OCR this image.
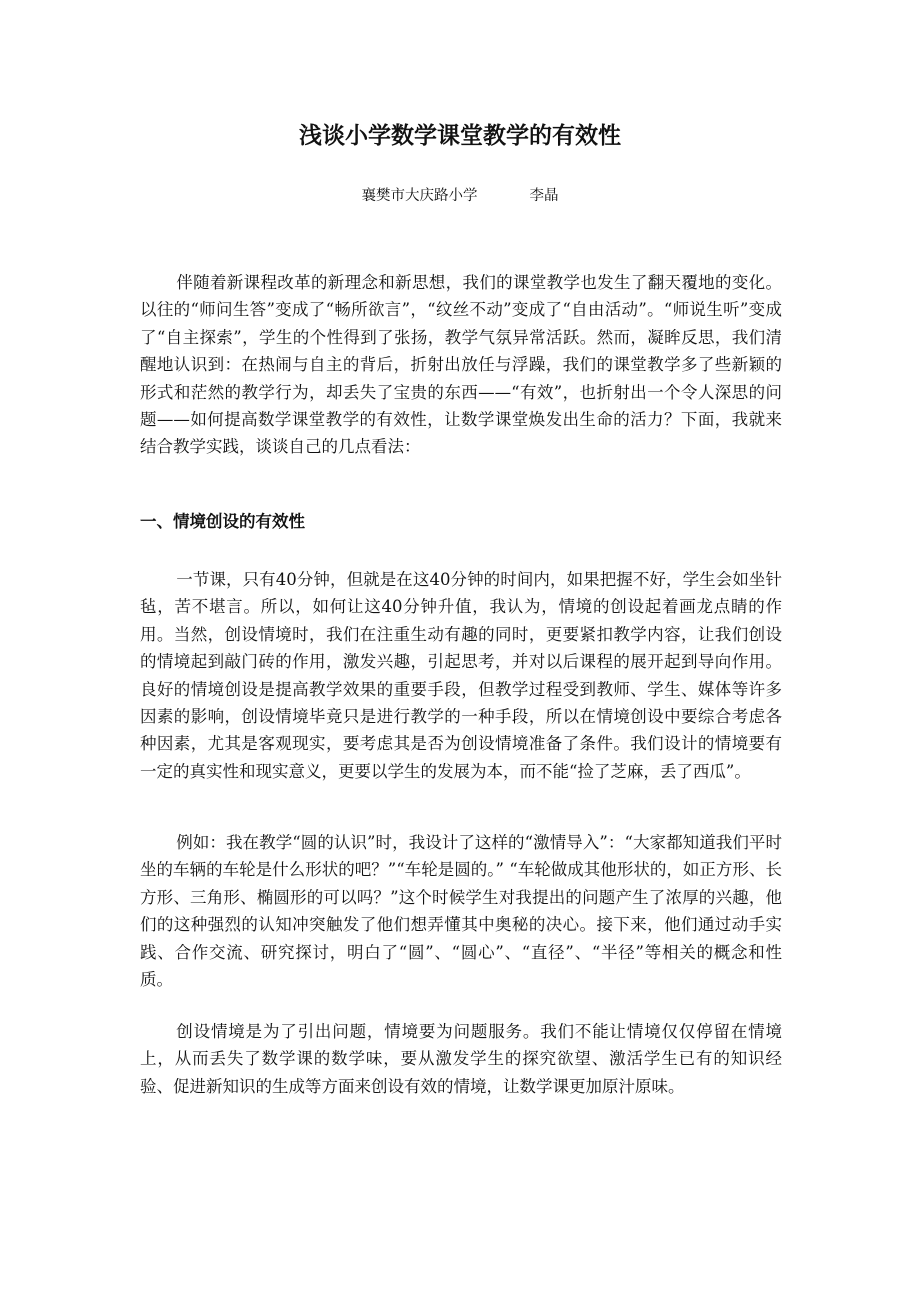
浅谈小学数学课堂教学的有效性
襄樊市大庆路小学	李晶

伴随着新课程改革的新理念和新思想，我们的课堂教学也发生了翻天覆地的变化。以往的“师问生答”变成了“畅所欲言”，“纹丝不动”变成了“自由活动”。“师说生听”变成了“自主探索”，学生的个性得到了张扬，教学气氛异常活跃。然而，凝眸反思，我们清醒地认识到：在热闹与自主的背后，折射出放任与浮躁，我们的课堂教学多了些新颖的形式和茫然的教学行为，却丢失了宝贵的东西——“有效”，也折射出一个令人深思的问题——如何提高数学课堂教学的有效性，让数学课堂焕发出生命的活力？下面，我就来结合教学实践，谈谈自己的几点看法：

一、情境创设的有效性

一节课，只有40分钟，但就是在这40分钟的时间内，如果把握不好，学生会如坐针毡，苦不堪言。所以，如何让这40分钟升值，我认为，情境的创设起着画龙点睛的作用。当然，创设情境时，我们在注重生动有趣的同时，更要紧扣教学内容，让我们创设的情境起到敲门砖的作用，激发兴趣，引起思考，并对以后课程的展开起到导向作用。良好的情境创设是提高教学效果的重要手段，但教学过程受到教师、学生、媒体等许多因素的影响，创设情境毕竟只是进行教学的一种手段，所以在情境创设中要综合考虑各种因素，尤其是客观现实，要考虑其是否为创设情境准备了条件。我们设计的情境要有一定的真实性和现实意义，更要以学生的发展为本，而不能“捡了芝麻，丢了西瓜”。

例如：我在教学“圆的认识”时，我设计了这样的“激情导入”：“大家都知道我们平时坐的车辆的车轮是什么形状的吧？”“车轮是圆的。” “车轮做成其他形状的，如正方形、长方形、三角形、椭圆形的可以吗？”这个时候学生对我提出的问题产生了浓厚的兴趣，他们的这种强烈的认知冲突触发了他们想弄懂其中奥秘的决心。接下来，他们通过动手实践、合作交流、研究探讨，明白了“圆”、“圆心”、“直径”、“半径”等相关的概念和性质。

创设情境是为了引出问题，情境要为问题服务。我们不能让情境仅仅停留在情境上，从而丢失了数学课的数学味，要从激发学生的探究欲望、激活学生已有的知识经验、促进新知识的生成等方面来创设有效的情境，让数学课更加原汁原味。
